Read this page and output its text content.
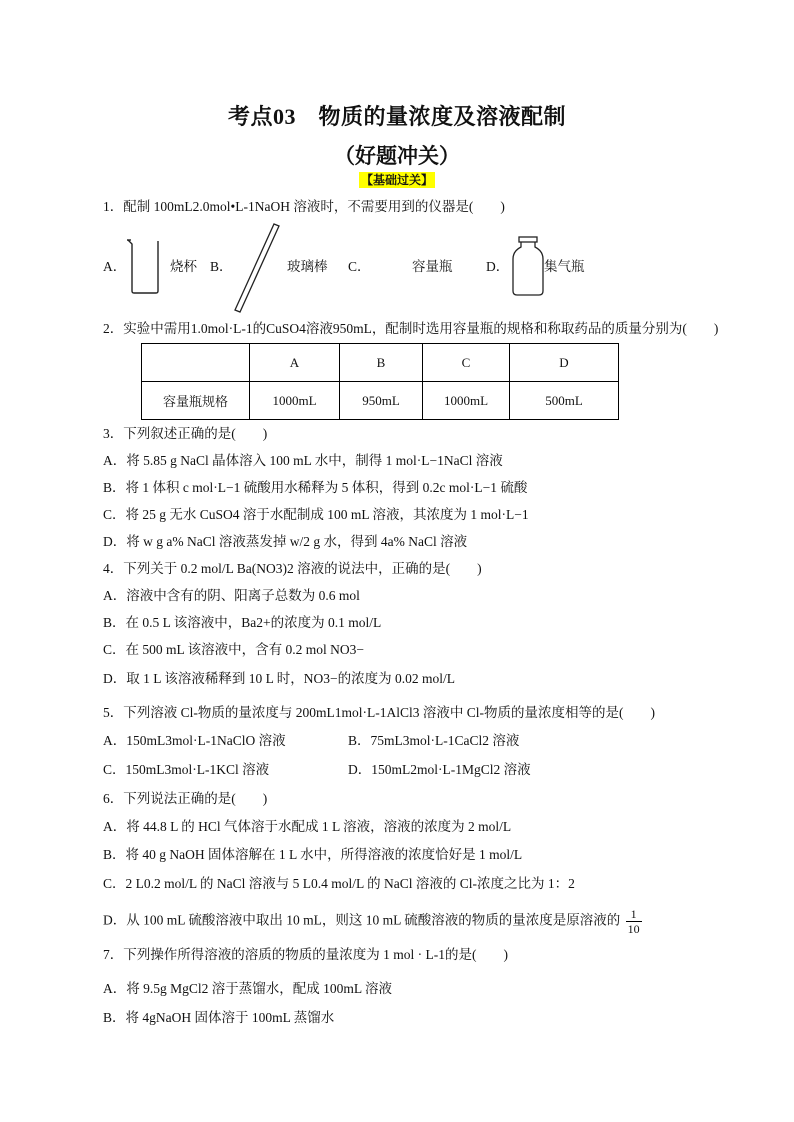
考点03　物质的量浓度及溶液配制
（好题冲关）
【基础过关】
1．配制 100mL2.0mol•L-1NaOH 溶液时，不需要用到的仪器是(　　)
A．	烧杯 B．	玻璃棒 C．	容量瓶 D．	集气瓶
2．实验中需用1.0mol·L-1的CuSO4溶液950mL，配制时选用容量瓶的规格和称取药品的质量分别为(　　)
	A	B	C	D
容量瓶规格	1000mL	950mL	1000mL	500mL
3．下列叙述正确的是(　　)
A．将 5.85 g NaCl 晶体溶入 100 mL 水中，制得 1 mol·L−1NaCl 溶液
B．将 1 体积 c mol·L−1 硫酸用水稀释为 5 体积，得到 0.2c mol·L−1 硫酸
C．将 25 g 无水 CuSO4 溶于水配制成 100 mL 溶液，其浓度为 1 mol·L−1
D．将 w g a% NaCl 溶液蒸发掉 w/2 g 水，得到 4a% NaCl 溶液
4．下列关于 0.2 mol/L Ba(NO3)2 溶液的说法中，正确的是(　　)
A．溶液中含有的阴、阳离子总数为 0.6 mol
B．在 0.5 L 该溶液中，Ba2+的浓度为 0.1 mol/L
C．在 500 mL 该溶液中，含有 0.2 mol NO3−
D．取 1 L 该溶液稀释到 10 L 时，NO3−的浓度为 0.02 mol/L
5．下列溶液 Cl-物质的量浓度与 200mL1mol·L-1AlCl3 溶液中 Cl-物质的量浓度相等的是(　　)
A．150mL3mol·L-1NaClO 溶液	B．75mL3mol·L-1CaCl2 溶液
C．150mL3mol·L-1KCl 溶液	D．150mL2mol·L-1MgCl2 溶液
6．下列说法正确的是(　　)
A．将 44.8 L 的 HCl 气体溶于水配成 1 L 溶液，溶液的浓度为 2 mol/L
B．将 40 g NaOH 固体溶解在 1 L 水中，所得溶液的浓度恰好是 1 mol/L
C．2 L0.2 mol/L 的 NaCl 溶液与 5 L0.4 mol/L 的 NaCl 溶液的 Cl-浓度之比为 1：2
D．从 100 mL 硫酸溶液中取出 10 mL，则这 10 mL 硫酸溶液的物质的量浓度是原溶液的 $\frac{1}{10}$
7．下列操作所得溶液的溶质的物质的量浓度为 1 mol · L-1的是(　　)
A．将 9.5g MgCl2 溶于蒸馏水，配成 100mL 溶液
B．将 4gNaOH 固体溶于 100mL 蒸馏水
